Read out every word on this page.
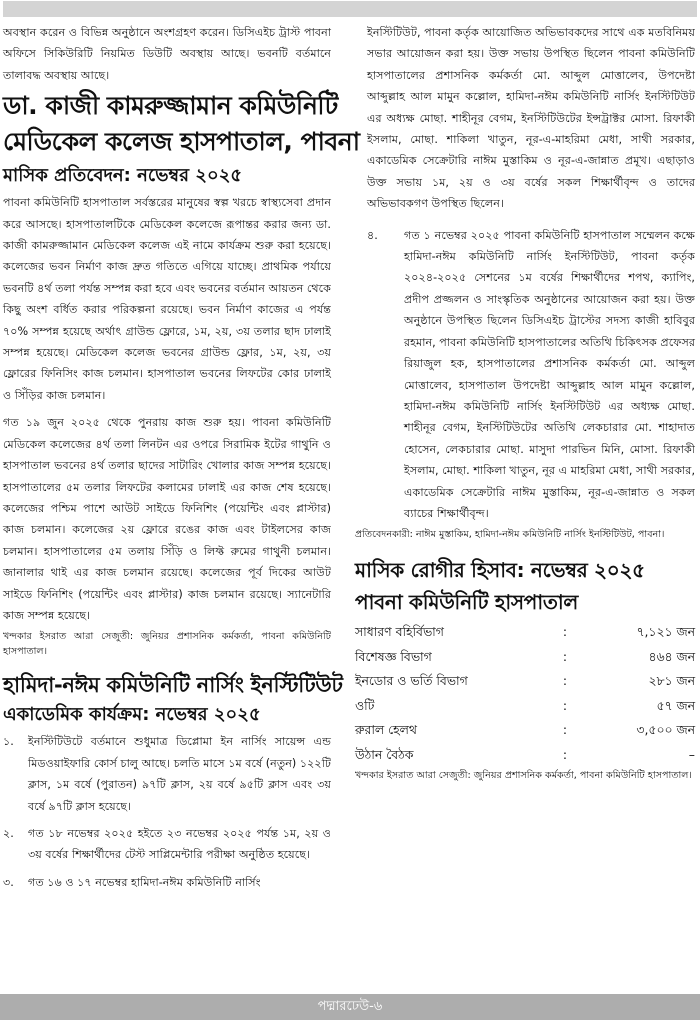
অবস্থান করেন ও বিভিন্ন অনুষ্ঠানে অংশগ্রহণ করেন। ডিসিএইচ ট্রাস্ট পাবনা অফিসে সিকিউরিটি নিয়মিত ডিউটি অবস্থায় আছে। ভবনটি বর্তমানে তালাবদ্ধ অবস্থায় আছে।

ডা. কাজী কামরুজ্জামান কমিউনিটি

মেডিকেল কলেজ হাসপাতাল, পাবনা

মাসিক প্রতিবেদন: নভেম্বর ২০২৫

পাবনা কমিউনিটি হাসপাতাল সর্বস্তরের মানুষের স্বল্প খরচে স্বাস্থ্যসেবা প্রদান করে আসছে। হাসপাতালটিকে মেডিকেল কলেজে রূপান্তর করার জন্য ডা. কাজী কামরুজ্জামান মেডিকেল কলেজ এই নামে কার্যক্রম শুরু করা হয়েছে। কলেজের ভবন নির্মাণ কাজ দ্রুত গতিতে এগিয়ে যাচ্ছে। প্রাথমিক পর্যায়ে ভবনটি ৪র্থ তলা পর্যন্ত সম্পন্ন করা হবে এবং ভবনের বর্তমান আয়তন থেকে কিছু অংশ বর্ধিত করার পরিকল্পনা রয়েছে। ভবন নির্মাণ কাজের এ পর্যন্ত ৭০% সম্পন্ন হয়েছে অর্থাৎ গ্রাউন্ড ফ্লোরে, ১ম, ২য়, ৩য় তলার ছাদ ঢালাই সম্পন্ন হয়েছে। মেডিকেল কলেজ ভবনের গ্রাউন্ড ফ্লোর, ১ম, ২য়, ৩য় ফ্লোরের ফিনিসিং কাজ চলমান। হাসপাতাল ভবনের লিফটের কোর ঢালাই ও সিঁড়ির কাজ চলমান।

গত ১৯ জুন ২০২৫ থেকে পুনরায় কাজ শুরু হয়। পাবনা কমিউনিটি মেডিকেল কলেজের ৪র্থ তলা লিনটন এর ওপরে সিরামিক ইটের গাথুনি ও হাসপাতাল ভবনের ৪র্থ তলার ছাদের সাটারিং খোলার কাজ সম্পন্ন হয়েছে। হাসপাতালের ৫ম তলার লিফটের কলামের ঢালাই এর কাজ শেষ হয়েছে। কলেজের পশ্চিম পাশে আউট সাইডে ফিনিশিং (পয়েন্টিং এবং প্লাস্টার) কাজ চলমান। কলেজের ২য় ফ্লোরে রঙের কাজ এবং টাইলসের কাজ চলমান। হাসপাতালের ৫ম তলায় সিঁড়ি ও লিফ্ট রুমের গাথুনী চলমান। জানালার থাই এর কাজ চলমান রয়েছে। কলেজের পূর্ব দিকের আউট সাইডে ফিনিশিং (পয়েন্টিং এবং প্লাস্টার) কাজ চলমান রয়েছে। স্যানেটারি কাজ সম্পন্ন হয়েছে।

খন্দকার ইসরাত আরা সেজুতী: জুনিয়র প্রশাসনিক কর্মকর্তা, পাবনা কমিউনিটি হাসপাতাল।

হামিদা-নঈম কমিউনিটি নার্সিং ইনস্টিটিউট

একাডেমিক কার্যক্রম: নভেম্বর ২০২৫

১.	ইনস্টিটিউটে বর্তমানে শুধুমাত্র ডিপ্লোমা ইন নার্সিং সায়েন্স এন্ড মিডওয়াইফারি কোর্স চালু আছে। চলতি মাসে ১ম বর্ষে (নতুন) ১২২টি ক্লাস, ১ম বর্ষে (পুরাতন) ৯৭টি ক্লাস, ২য় বর্ষে ৯৫টি ক্লাস এবং ৩য় বর্ষে ৯৭টি ক্লাস হয়েছে।
২.	গত ১৮ নভেম্বর ২০২৫ হইতে ২৩ নভেম্বর ২০২৫ পর্যন্ত ১ম, ২য় ও ৩য় বর্ষের শিক্ষার্থীদের টেস্ট সাপ্লিমেন্টারি পরীক্ষা অনুষ্ঠিত হয়েছে।
৩.	গত ১৬ ও ১৭ নভেম্বর হামিদা-নঈম কমিউনিটি নার্সিং

ইনস্টিটিউট, পাবনা কর্তৃক আয়োজিত অভিভাবকদের সাথে এক মতবিনিময় সভার আয়োজন করা হয়। উক্ত সভায় উপস্থিত ছিলেন পাবনা কমিউনিটি হাসপাতালের প্রশাসনিক কর্মকর্তা মো. আব্দুল মোত্তালেব, উপদেষ্টা আব্দুল্লাহ আল মামুন কল্লোল, হামিদা-নঈম কমিউনিটি নার্সিং ইনস্টিটিউট এর অধ্যক্ষ মোছা. শাহীনূর বেগম, ইনস্টিটিউটের ইন্সট্রাক্টর মোসা. রিফাকী ইসলাম, মোছা. শাকিলা খাতুন, নূর-এ-মাহরিমা মেধা, সাথী সরকার, একাডেমিক সেক্রেটারি নাঈম মুস্তাকিম ও নূর-এ-জান্নাত প্রমূখ। এছাড়াও উক্ত সভায় ১ম, ২য় ও ৩য় বর্ষের সকল শিক্ষার্থীবৃন্দ ও তাদের অভিভাবকগণ উপস্থিত ছিলেন।

৪.	গত ১ নভেম্বর ২০২৫ পাবনা কমিউনিটি হাসপাতাল সম্মেলন কক্ষে হামিদা-নঈম কমিউনিটি নার্সিং ইনস্টিটিউট, পাবনা কর্তৃক ২০২৪-২০২৫ সেশনের ১ম বর্ষের শিক্ষার্থীদের শপথ, ক্যাপিং, প্রদীপ প্রজ্জলন ও সাংস্কৃতিক অনুষ্ঠানের আয়োজন করা হয়। উক্ত অনুষ্ঠানে উপস্থিত ছিলেন ডিসিএইচ ট্রাস্টের সদস্য কাজী হাবিবুর রহমান, পাবনা কমিউনিটি হাসপাতালের অতিথি চিকিৎসক প্রফেসর রিয়াজুল হক, হাসপাতালের প্রশাসনিক কর্মকর্তা মো. আব্দুল মোত্তালেব, হাসপাতাল উপদেষ্টা আব্দুল্লাহ আল মামুন কল্লোল, হামিদা-নঈম কমিউনিটি নার্সিং ইনস্টিটিউট এর অধ্যক্ষ মোছা. শাহীনূর বেগম, ইনস্টিটিউটের অতিথি লেকচারার মো. শাহাদাত হোসেন, লেকচারার মোছা. মাসুদা পারভিন মিনি, মোসা. রিফাকী ইসলাম, মোছা. শাকিলা খাতুন, নূর এ মাহরিমা মেধা, সাথী সরকার, একাডেমিক সেক্রেটারি নাঈম মুস্তাকিম, নূর-এ-জান্নাত ও সকল ব্যাচের শিক্ষার্থীবৃন্দ।

প্রতিবেদনকারী: নাঈম মুস্তাকিম, হামিদা-নঈম কমিউনিটি নার্সিং ইনস্টিটিউট, পাবনা।

মাসিক রোগীর হিসাব: নভেম্বর ২০২৫

পাবনা কমিউনিটি হাসপাতাল

সাধারণ বহির্বিভাগ	:	৭,১২১ জন
বিশেষজ্ঞ বিভাগ	:	৪৬৪ জন
ইনডোর ও ভর্তি বিভাগ	:	২৮১ জন
ওটি	:	৫৭ জন
রুরাল হেলথ	:	৩,৫০০ জন
উঠান বৈঠক	:	–

খন্দকার ইসরাত আরা সেজুতী: জুনিয়র প্রশাসনিক কর্মকর্তা, পাবনা কমিউনিটি হাসপাতাল।

পদ্মারঢেউ-৬
